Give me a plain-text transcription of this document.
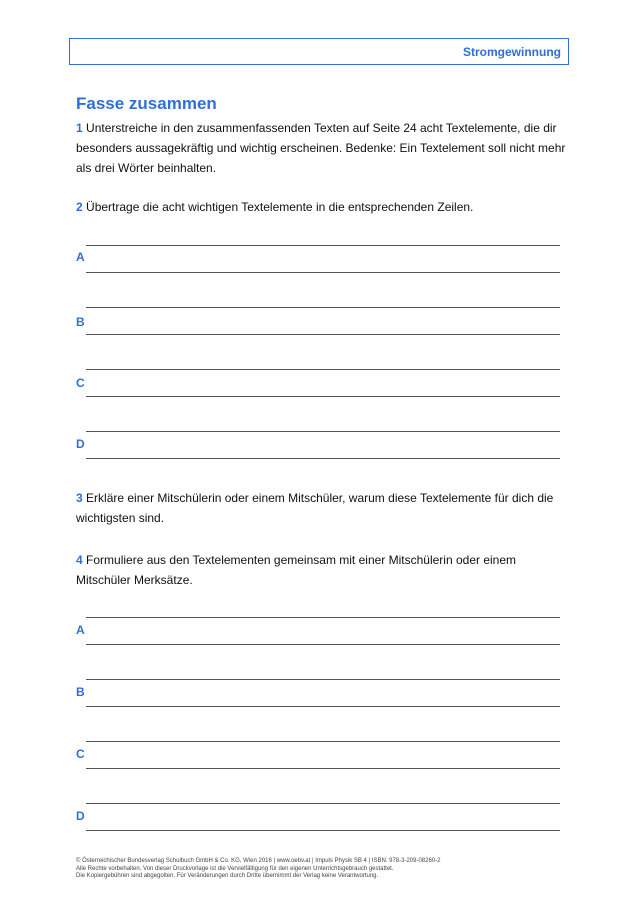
Stromgewinnung
Fasse zusammen

1 Unterstreiche in den zusammenfassenden Texten auf Seite 24 acht Textelemente, die dir besonders aussagekräftig und wichtig erscheinen. Bedenke: Ein Textelement soll nicht mehr als drei Wörter beinhalten.

2 Übertrage die acht wichtigen Textelemente in die entsprechenden Zeilen.

A
B
C
D

3 Erkläre einer Mitschülerin oder einem Mitschüler, warum diese Textelemente für dich die wichtigsten sind.

4 Formuliere aus den Textelementen gemeinsam mit einer Mitschülerin oder einem Mitschüler Merksätze.

A
B
C
D
© Österreichischer Bundesverlag Schulbuch GmbH & Co. KG, Wien 2016 | www.oebv.at | Impuls Physik SB 4 | ISBN: 978-3-209-08260-2
Alle Rechte vorbehalten. Von dieser Druckvorlage ist die Vervielfältigung für den eigenen Unterrichtsgebrauch gestattet.
Die Kopiergebühren sind abgegolten. Für Veränderungen durch Dritte übernimmt der Verlag keine Verantwortung.
